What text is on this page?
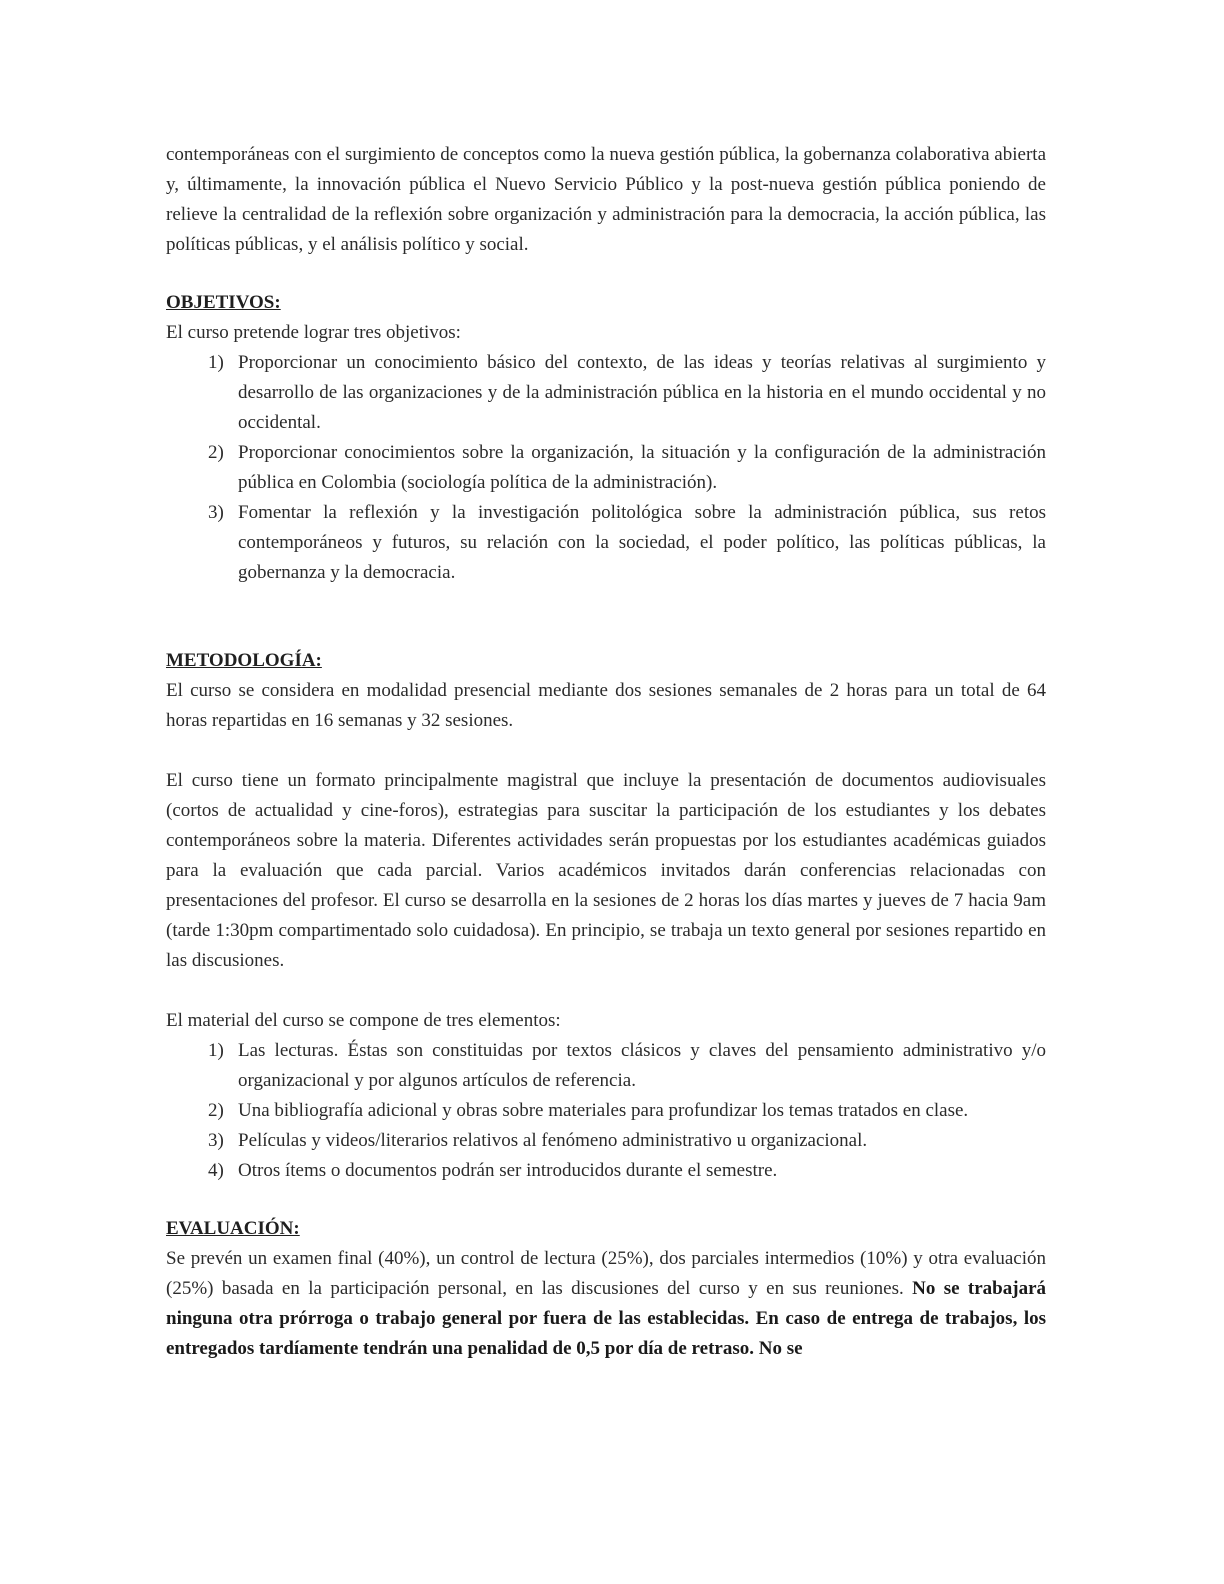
contemporáneas con el surgimiento de conceptos como la nueva gestión pública, la gobernanza colaborativa abierta y, últimamente, la innovación pública el Nuevo Servicio Público y la post-nueva gestión pública poniendo de relieve la centralidad de la reflexión sobre organización y administración para la democracia, la acción pública, las políticas públicas, y el análisis político y social.

OBJETIVOS:

El curso pretende lograr tres objetivos:

1) Proporcionar un conocimiento básico del contexto, de las ideas y teorías relativas al surgimiento y desarrollo de las organizaciones y de la administración pública en la historia en el mundo occidental y no occidental.
2) Proporcionar conocimientos sobre la organización, la situación y la configuración de la administración pública en Colombia (sociología política de la administración).
3) Fomentar la reflexión y la investigación politológica sobre la administración pública, sus retos contemporáneos y futuros, su relación con la sociedad, el poder político, las políticas públicas, la gobernanza y la democracia.

METODOLOGÍA:

El curso se considera en modalidad presencial mediante dos sesiones semanales de 2 horas para un total de 64 horas repartidas en 16 semanas y 32 sesiones.

El curso tiene un formato principalmente magistral que incluye la presentación de documentos audiovisuales (cortos de actualidad y cine-foros), estrategias para suscitar la participación de los estudiantes y los debates contemporáneos sobre la materia. Diferentes actividades serán propuestas por los estudiantes académicas guiados para la evaluación que cada parcial. Varios académicos invitados darán conferencias relacionadas con presentaciones del profesor. El curso se desarrolla en la sesiones de 2 horas los días martes y jueves de 7 hacia 9am (tarde 1:30pm compartimentado solo cuidadosa). En principio, se trabaja un texto general por sesiones repartido en las discusiones.

El material del curso se compone de tres elementos:

1) Las lecturas. Éstas son constituidas por textos clásicos y claves del pensamiento administrativo y/o organizacional y por algunos artículos de referencia.
2) Una bibliografía adicional y obras sobre materiales para profundizar los temas tratados en clase.
3) Películas y videos/literarios relativos al fenómeno administrativo u organizacional.
4) Otros ítems o documentos podrán ser introducidos durante el semestre.

EVALUACIÓN:

Se prevén un examen final (40%), un control de lectura (25%), dos parciales intermedios (10%) y otra evaluación (25%) basada en la participación personal, en las discusiones del curso y en sus reuniones. No se trabajará ninguna otra prórroga o trabajo general por fuera de las establecidas. En caso de entrega de trabajos, los entregados tardíamente tendrán una penalidad de 0,5 por día de retraso. No se
